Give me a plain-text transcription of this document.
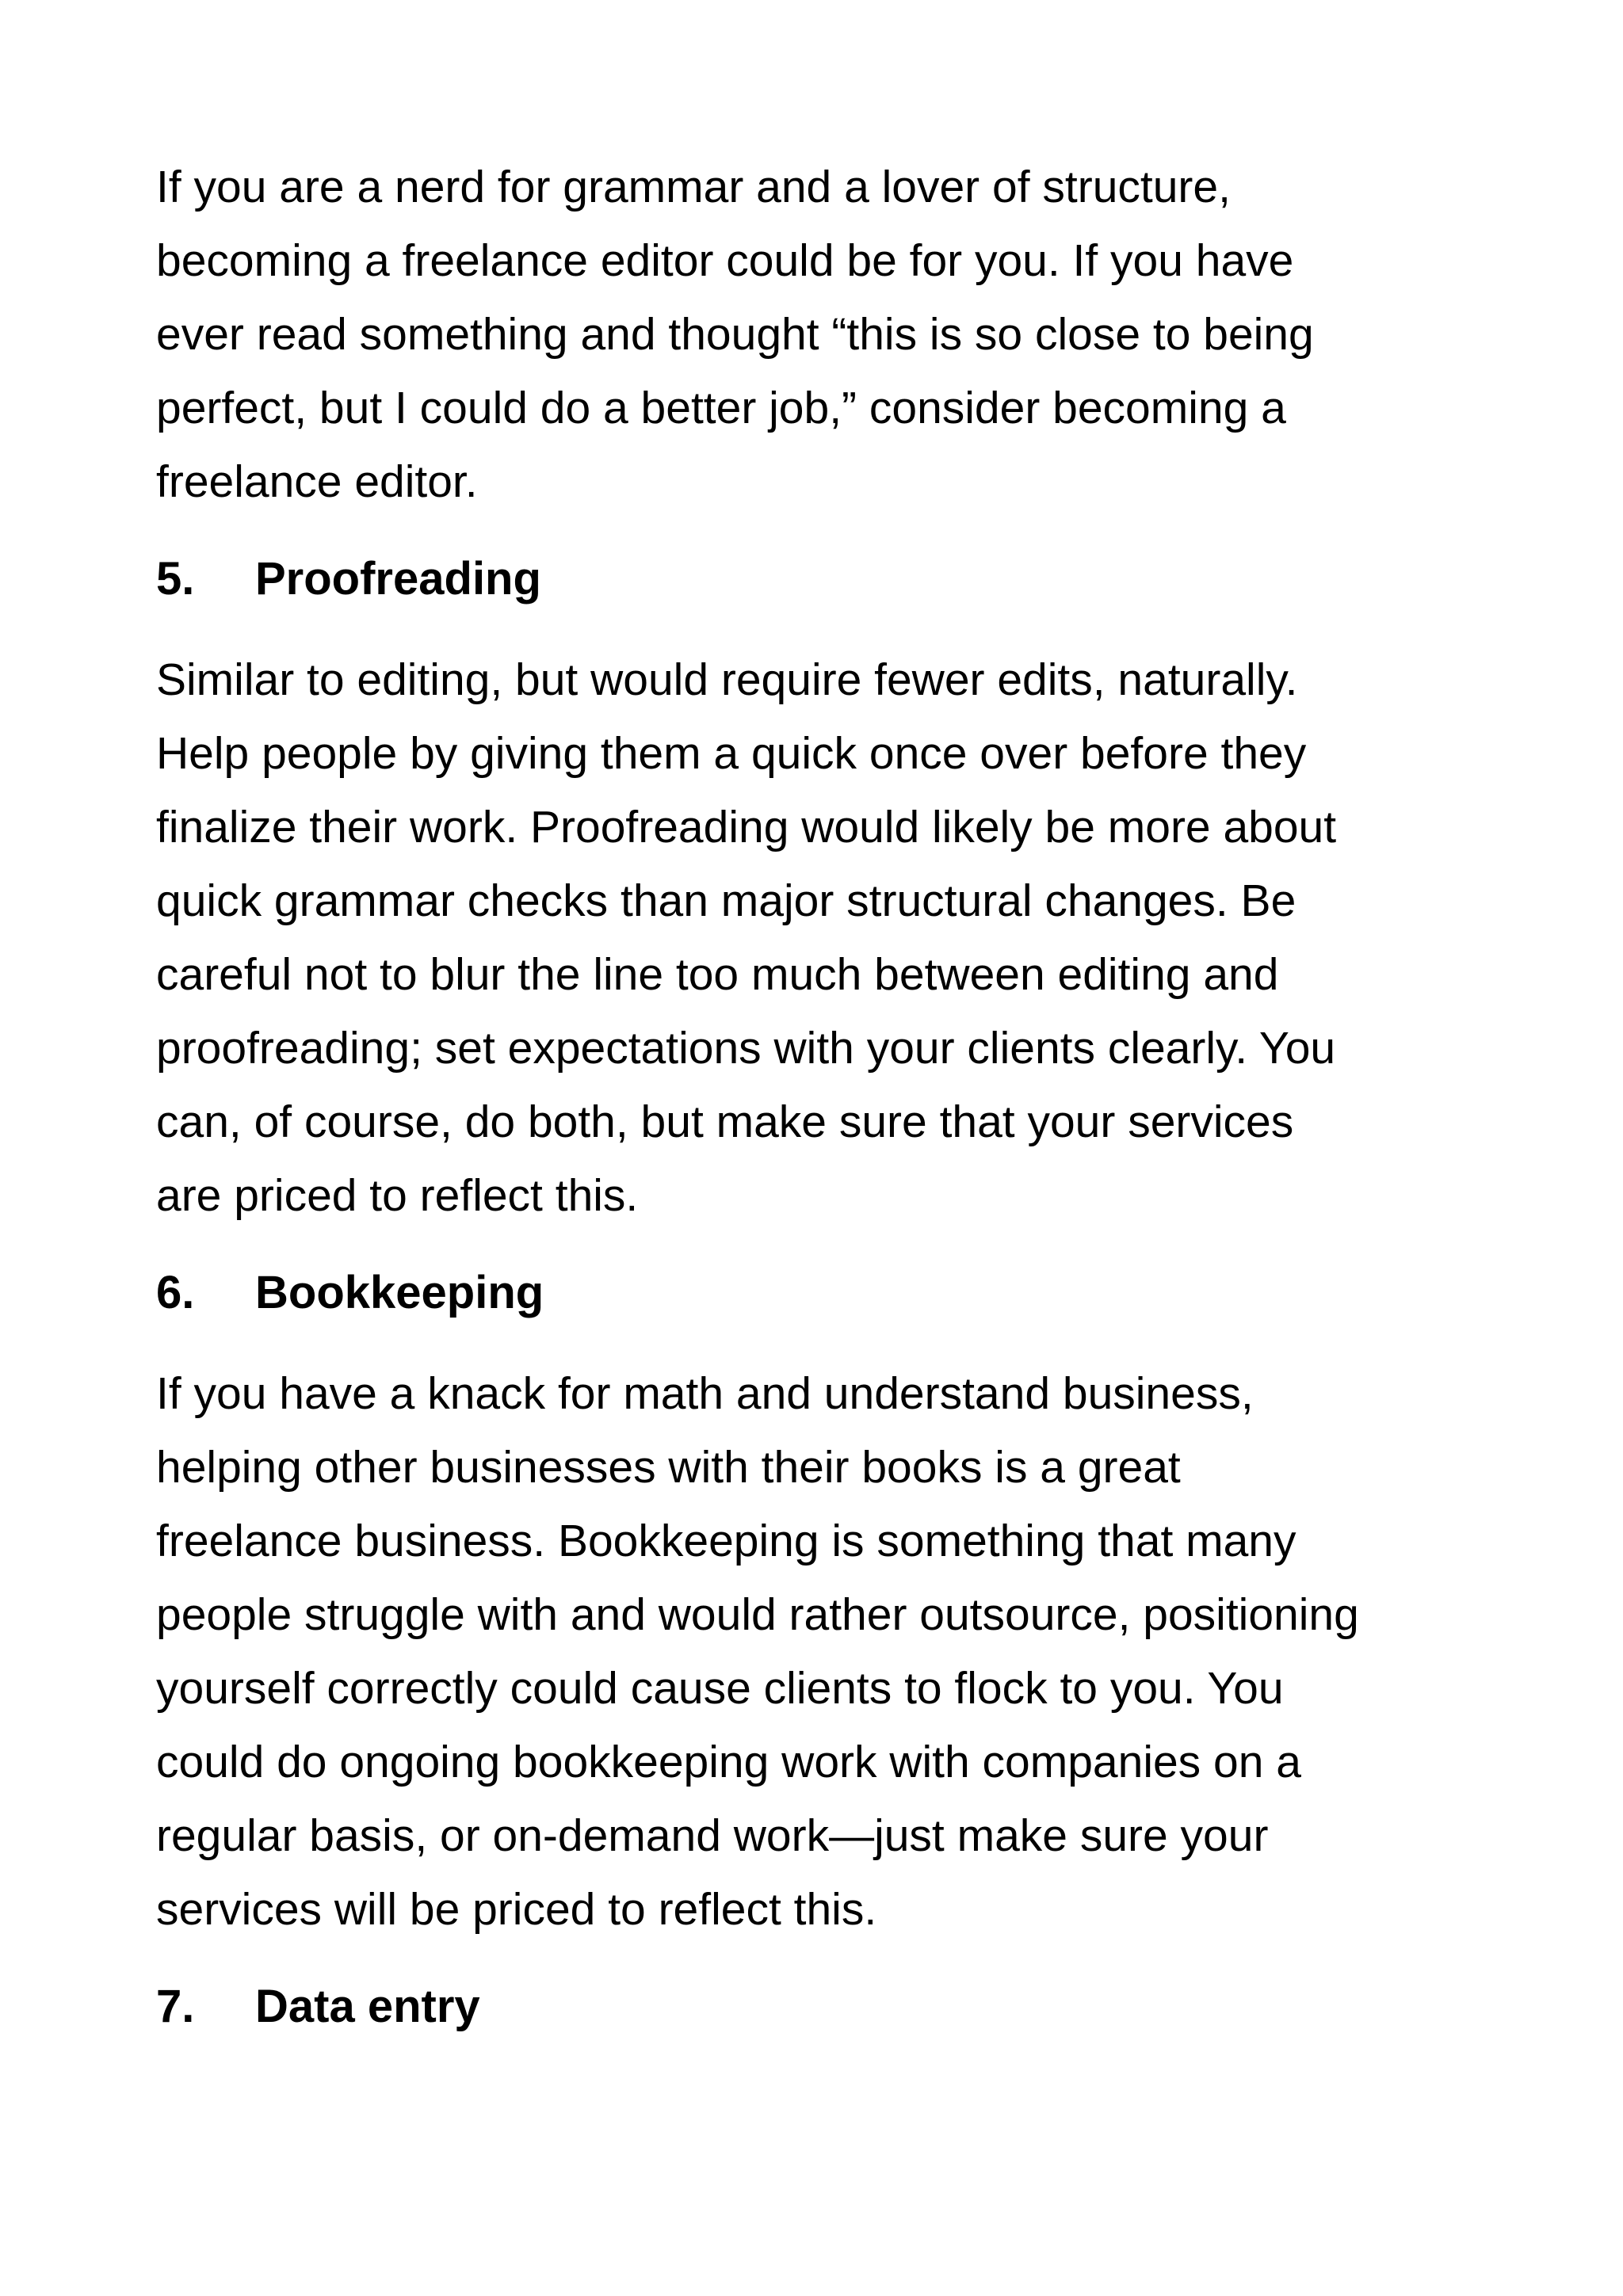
If you are a nerd for grammar and a lover of structure,
becoming a freelance editor could be for you. If you have
ever read something and thought “this is so close to being
perfect, but I could do a better job,” consider becoming a
freelance editor.

5. Proofreading

Similar to editing, but would require fewer edits, naturally.
Help people by giving them a quick once over before they
finalize their work. Proofreading would likely be more about
quick grammar checks than major structural changes. Be
careful not to blur the line too much between editing and
proofreading; set expectations with your clients clearly. You
can, of course, do both, but make sure that your services
are priced to reflect this.

6. Bookkeeping

If you have a knack for math and understand business,
helping other businesses with their books is a great
freelance business. Bookkeeping is something that many
people struggle with and would rather outsource, positioning
yourself correctly could cause clients to flock to you. You
could do ongoing bookkeeping work with companies on a
regular basis, or on-demand work—just make sure your
services will be priced to reflect this.

7. Data entry
